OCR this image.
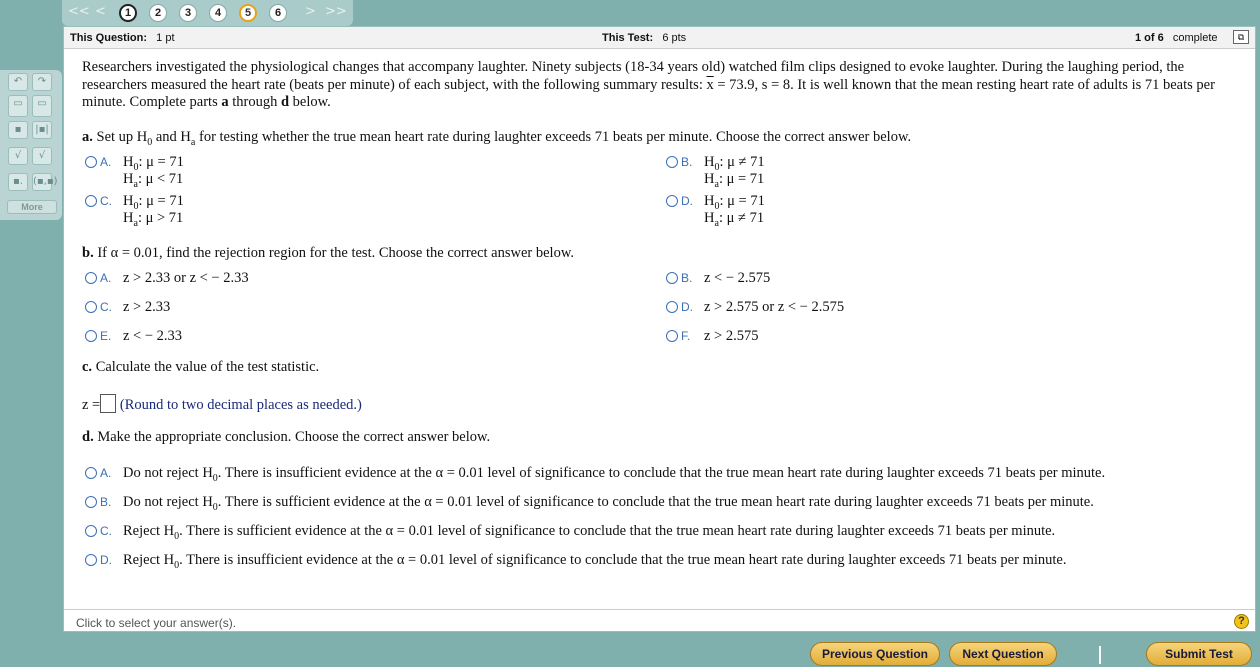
<< <	1	2	3	4	5	6	> >>
↶	↷
▭	▭
▪	|▪|
√	√
▪.	(▪,▪)
More
This Question: 1 pt	This Test: 6 pts	1 of 6 complete	⧉
Researchers investigated the physiological changes that accompany laughter. Ninety subjects (18-34 years old) watched film clips designed to evoke laughter. During the laughing period, the researchers measured the heart rate (beats per minute) of each subject, with the following summary results: $\overline{x} = 73.9$, s = 8. It is well known that the mean resting heart rate of adults is 71 beats per minute. Complete parts a through d below.
a. Set up $H_0$ and $H_a$ for testing whether the true mean heart rate during laughter exceeds 71 beats per minute. Choose the correct answer below.
A. $H_0$: μ = 71
$H_a$: μ < 71
B. $H_0$: μ ≠ 71
$H_a$: μ = 71
C. $H_0$: μ = 71
$H_a$: μ > 71
D. $H_0$: μ = 71
$H_a$: μ ≠ 71
b. If α = 0.01, find the rejection region for the test. Choose the correct answer below.
A. z > 2.33 or z < − 2.33	B. z < − 2.575
C. z > 2.33	D. z > 2.575 or z < − 2.575
E. z < − 2.33	F. z > 2.575
c. Calculate the value of the test statistic.
z = (Round to two decimal places as needed.)
d. Make the appropriate conclusion. Choose the correct answer below.
A. Do not reject $H_0$. There is insufficient evidence at the α = 0.01 level of significance to conclude that the true mean heart rate during laughter exceeds 71 beats per minute.
B. Do not reject $H_0$. There is sufficient evidence at the α = 0.01 level of significance to conclude that the true mean heart rate during laughter exceeds 71 beats per minute.
C. Reject $H_0$. There is sufficient evidence at the α = 0.01 level of significance to conclude that the true mean heart rate during laughter exceeds 71 beats per minute.
D. Reject $H_0$. There is insufficient evidence at the α = 0.01 level of significance to conclude that the true mean heart rate during laughter exceeds 71 beats per minute.
Click to select your answer(s).	?
Previous Question	Next Question	Submit Test
